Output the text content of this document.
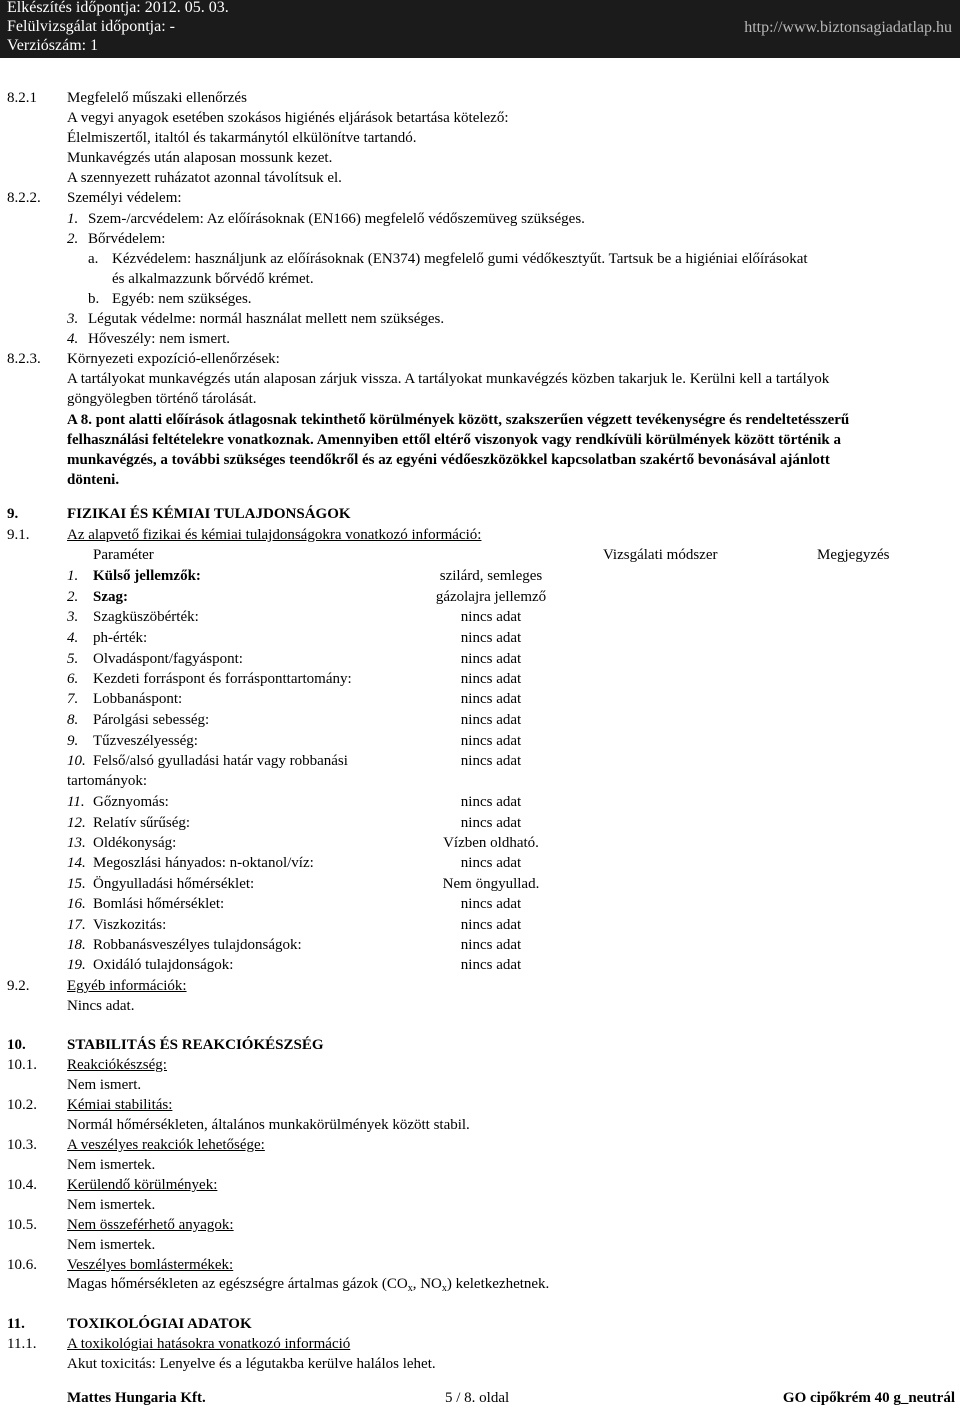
Elkészítés időpontja: 2012. 05. 03.
Felülvizsgálat időpontja: -
Verziószám: 1
http://www.biztonsagiadatlap.hu
8.2.1 Megfelelő műszaki ellenőrzés
A vegyi anyagok esetében szokásos higiénés eljárások betartása kötelező:
Élelmiszertől, italtól és takarmánytól elkülönítve tartandó.
Munkavégzés után alaposan mossunk kezet.
A szennyezett ruházatot azonnal távolítsuk el.
8.2.2. Személyi védelem:
1. Szem-/arcvédelem: Az előírásoknak (EN166) megfelelő védőszemüveg szükséges.
2. Bőrvédelem:
a. Kézvédelem: használjunk az előírásoknak (EN374) megfelelő gumi védőkesztyűt. Tartsuk be a higiéniai előírásokat
és alkalmazzunk bőrvédő krémet.
b. Egyéb: nem szükséges.
3. Légutak védelme: normál használat mellett nem szükséges.
4. Hőveszély: nem ismert.
8.2.3. Környezeti expozíció-ellenőrzések:
A tartályokat munkavégzés után alaposan zárjuk vissza. A tartályokat munkavégzés közben takarjuk le. Kerülni kell a tartályok
göngyölegben történő tárolását.
A 8. pont alatti előírások átlagosnak tekinthető körülmények között, szakszerűen végzett tevékenységre és rendeltetésszerű
felhasználási feltételekre vonatkoznak. Amennyiben ettől eltérő viszonyok vagy rendkívüli körülmények között történik a
munkavégzés, a további szükséges teendőkről és az egyéni védőeszközökkel kapcsolatban szakértő bevonásával ajánlott
dönteni.
9.	FIZIKAI ÉS KÉMIAI TULAJDONSÁGOK
9.1.	Az alapvető fizikai és kémiai tulajdonságokra vonatkozó információ:
Paraméter	Vizsgálati módszer	Megjegyzés
1. Külső jellemzők:	szilárd, semleges
2. Szag:	gázolajra jellemző
3. Szagküszöbérték:	nincs adat
4. ph-érték:	nincs adat
5. Olvadáspont/fagyáspont:	nincs adat
6. Kezdeti forráspont és forrásponttartomány:	nincs adat
7. Lobbanáspont:	nincs adat
8. Párolgási sebesség:	nincs adat
9. Tűzveszélyesség:	nincs adat
10. Felső/alsó gyulladási határ vagy robbanási	nincs adat
tartományok:
11. Gőznyomás:	nincs adat
12. Relatív sűrűség:	nincs adat
13. Oldékonyság:	Vízben oldható.
14. Megoszlási hányados: n-oktanol/víz:	nincs adat
15. Öngyulladási hőmérséklet:	Nem öngyullad.
16. Bomlási hőmérséklet:	nincs adat
17. Viszkozitás:	nincs adat
18. Robbanásveszélyes tulajdonságok:	nincs adat
19. Oxidáló tulajdonságok:	nincs adat
9.2.	Egyéb információk:
Nincs adat.
10.	STABILITÁS ÉS REAKCIÓKÉSZSÉG
10.1. Reakciókészség:
Nem ismert.
10.2. Kémiai stabilitás:
Normál hőmérsékleten, általános munkakörülmények között stabil.
10.3. A veszélyes reakciók lehetősége:
Nem ismertek.
10.4. Kerülendő körülmények:
Nem ismertek.
10.5. Nem összeférhető anyagok:
Nem ismertek.
10.6. Veszélyes bomlástermékek:
Magas hőmérsékleten az egészségre ártalmas gázok ($CO_x$, $NO_x$) keletkezhetnek.
11.	TOXIKOLÓGIAI ADATOK
11.1. A toxikológiai hatásokra vonatkozó információ
Akut toxicitás: Lenyelve és a légutakba kerülve halálos lehet.
Mattes Hungaria Kft.	5 / 8. oldal	GO cipőkrém 40 g_neutrál
